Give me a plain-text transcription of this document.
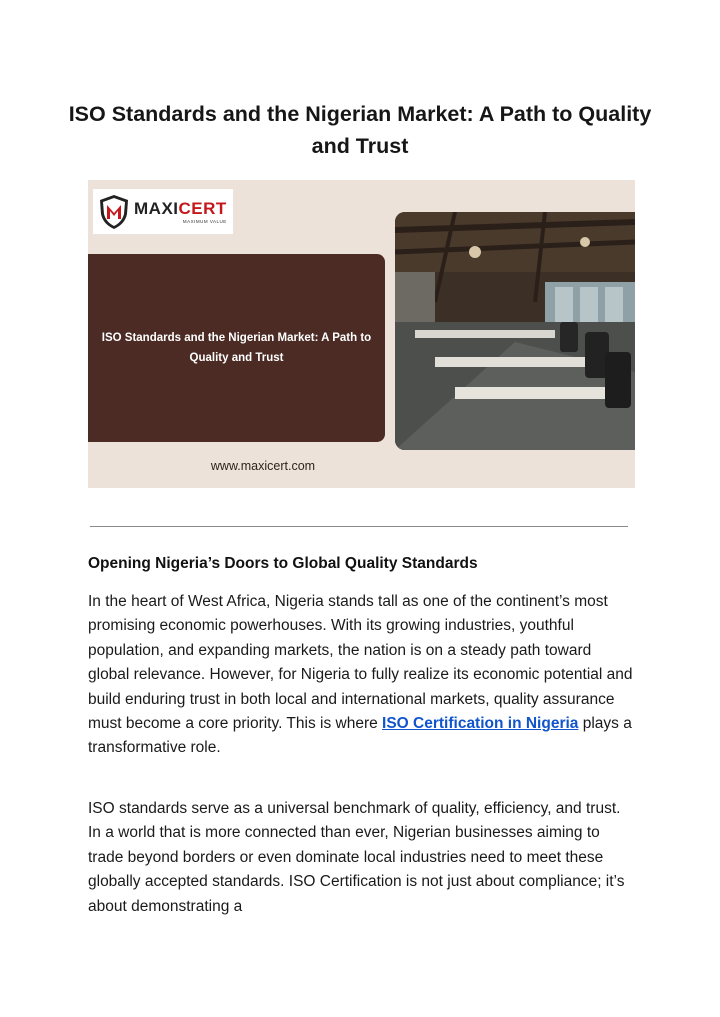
ISO Standards and the Nigerian Market: A Path to Quality and Trust
MAXICERT
MAXIMUM VALUE
ISO Standards and the Nigerian Market: A Path to Quality and Trust
www.maxicert.com
Opening Nigeria’s Doors to Global Quality Standards

In the heart of West Africa, Nigeria stands tall as one of the continent’s most promising economic powerhouses. With its growing industries, youthful population, and expanding markets, the nation is on a steady path toward global relevance. However, for Nigeria to fully realize its economic potential and build enduring trust in both local and international markets, quality assurance must become a core priority. This is where ISO Certification in Nigeria plays a transformative role.

ISO standards serve as a universal benchmark of quality, efficiency, and trust. In a world that is more connected than ever, Nigerian businesses aiming to trade beyond borders or even dominate local industries need to meet these globally accepted standards. ISO Certification is not just about compliance; it’s about demonstrating a
